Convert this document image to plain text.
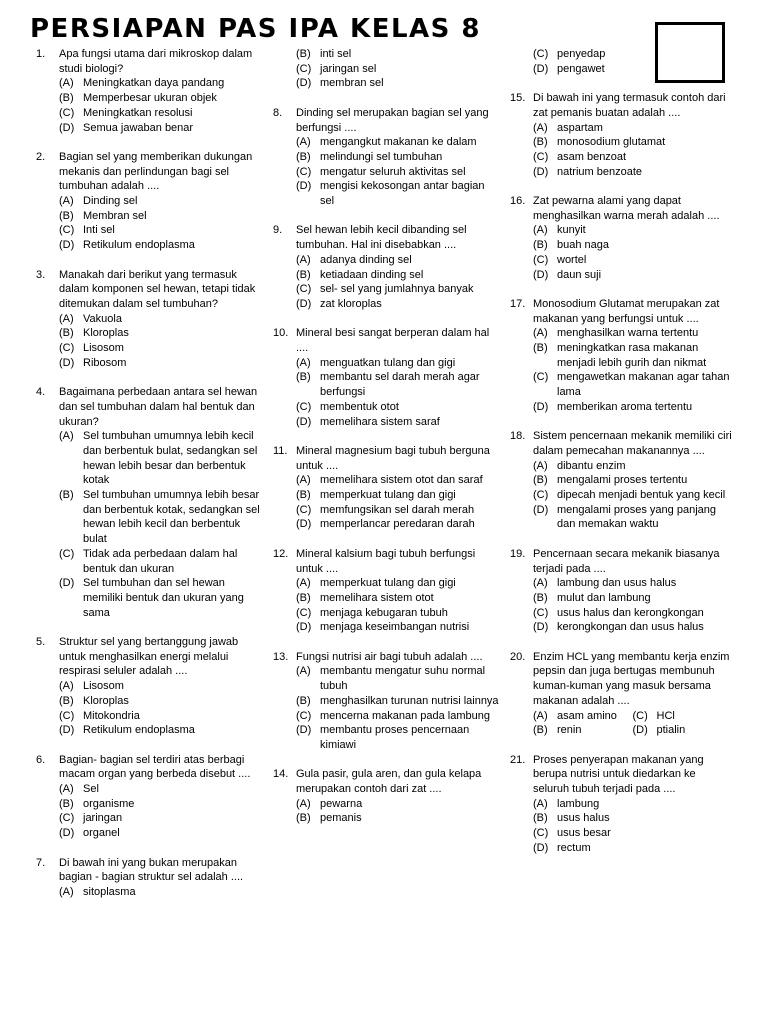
PERSIAPAN PAS IPA KELAS 8
1.	Apa fungsi utama dari mikroskop dalam studi biologi?
(A) Meningkatkan daya pandang
(B) Memperbesar ukuran objek
(C) Meningkatkan resolusi
(D) Semua jawaban benar
2.	Bagian sel yang memberikan dukungan mekanis dan perlindungan bagi sel tumbuhan adalah ....
(A) Dinding sel
(B) Membran sel
(C) Inti sel
(D) Retikulum endoplasma
3.	Manakah dari berikut yang termasuk dalam komponen sel hewan, tetapi tidak ditemukan dalam sel tumbuhan?
(A) Vakuola
(B) Kloroplas
(C) Lisosom
(D) Ribosom
4.	Bagaimana perbedaan antara sel hewan dan sel tumbuhan dalam hal bentuk dan ukuran?
(A) Sel tumbuhan umumnya lebih kecil dan berbentuk bulat, sedangkan sel hewan lebih besar dan berbentuk kotak
(B) Sel tumbuhan umumnya lebih besar dan berbentuk kotak, sedangkan sel hewan lebih kecil dan berbentuk bulat
(C) Tidak ada perbedaan dalam hal bentuk dan ukuran
(D) Sel tumbuhan dan sel hewan memiliki bentuk dan ukuran yang sama
5.	Struktur sel yang bertanggung jawab untuk menghasilkan energi melalui respirasi seluler adalah ....
(A) Lisosom
(B) Kloroplas
(C) Mitokondria
(D) Retikulum endoplasma
6.	Bagian- bagian sel terdiri atas berbagi macam organ yang berbeda disebut ....
(A) Sel
(B) organisme
(C) jaringan
(D) organel
7.	Di bawah ini yang bukan merupakan bagian - bagian struktur sel adalah ....
(A) sitoplasma
(B) inti sel
(C) jaringan sel
(D) membran sel
8.	Dinding sel merupakan bagian sel yang berfungsi ....
(A) mengangkut makanan ke dalam
(B) melindungi sel tumbuhan
(C) mengatur seluruh aktivitas sel
(D) mengisi kekosongan antar bagian sel
9.	Sel hewan lebih kecil dibanding sel tumbuhan. Hal ini disebabkan ....
(A) adanya dinding sel
(B) ketiadaan dinding sel
(C) sel- sel yang jumlahnya banyak
(D) zat kloroplas
10. Mineral besi sangat berperan dalam hal ....
(A) menguatkan tulang dan gigi
(B) membantu sel darah merah agar berfungsi
(C) membentuk otot
(D) memelihara sistem saraf
11. Mineral magnesium bagi tubuh berguna untuk ....
(A) memelihara sistem otot dan saraf
(B) memperkuat tulang dan gigi
(C) memfungsikan sel darah merah
(D) memperlancar peredaran darah
12. Mineral kalsium bagi tubuh berfungsi untuk ....
(A) memperkuat tulang dan gigi
(B) memelihara sistem otot
(C) menjaga kebugaran tubuh
(D) menjaga keseimbangan nutrisi
13. Fungsi nutrisi air bagi tubuh adalah ....
(A) membantu mengatur suhu normal tubuh
(B) menghasilkan turunan nutrisi lainnya
(C) mencerna makanan pada lambung
(D) membantu proses pencernaan kimiawi
14. Gula pasir, gula aren, dan gula kelapa merupakan contoh dari zat ....
(A) pewarna
(B) pemanis
(C) penyedap
(D) pengawet
15. Di bawah ini yang termasuk contoh dari zat pemanis buatan adalah ....
(A) aspartam
(B) monosodium glutamat
(C) asam benzoat
(D) natrium benzoate
16. Zat pewarna alami yang dapat menghasilkan warna merah adalah ....
(A) kunyit
(B) buah naga
(C) wortel
(D) daun suji
17. Monosodium Glutamat merupakan zat makanan yang berfungsi untuk ....
(A) menghasilkan warna tertentu
(B) meningkatkan rasa makanan menjadi lebih gurih dan nikmat
(C) mengawetkan makanan agar tahan lama
(D) memberikan aroma tertentu
18. Sistem pencernaan mekanik memiliki ciri dalam pemecahan makanannya ....
(A) dibantu enzim
(B) mengalami proses tertentu
(C) dipecah menjadi bentuk yang kecil
(D) mengalami proses yang panjang dan memakan waktu
19. Pencernaan secara mekanik biasanya terjadi pada ....
(A) lambung dan usus halus
(B) mulut dan lambung
(C) usus halus dan kerongkongan
(D) kerongkongan dan usus halus
20. Enzim HCL yang membantu kerja enzim pepsin dan juga bertugas membunuh kuman-kuman yang masuk bersama makanan adalah ....
(A) asam amino	(C) HCl
(B) renin	(D) ptialin
21. Proses penyerapan makanan yang berupa nutrisi untuk diedarkan ke seluruh tubuh terjadi pada ....
(A) lambung
(B) usus halus
(C) usus besar
(D) rectum
